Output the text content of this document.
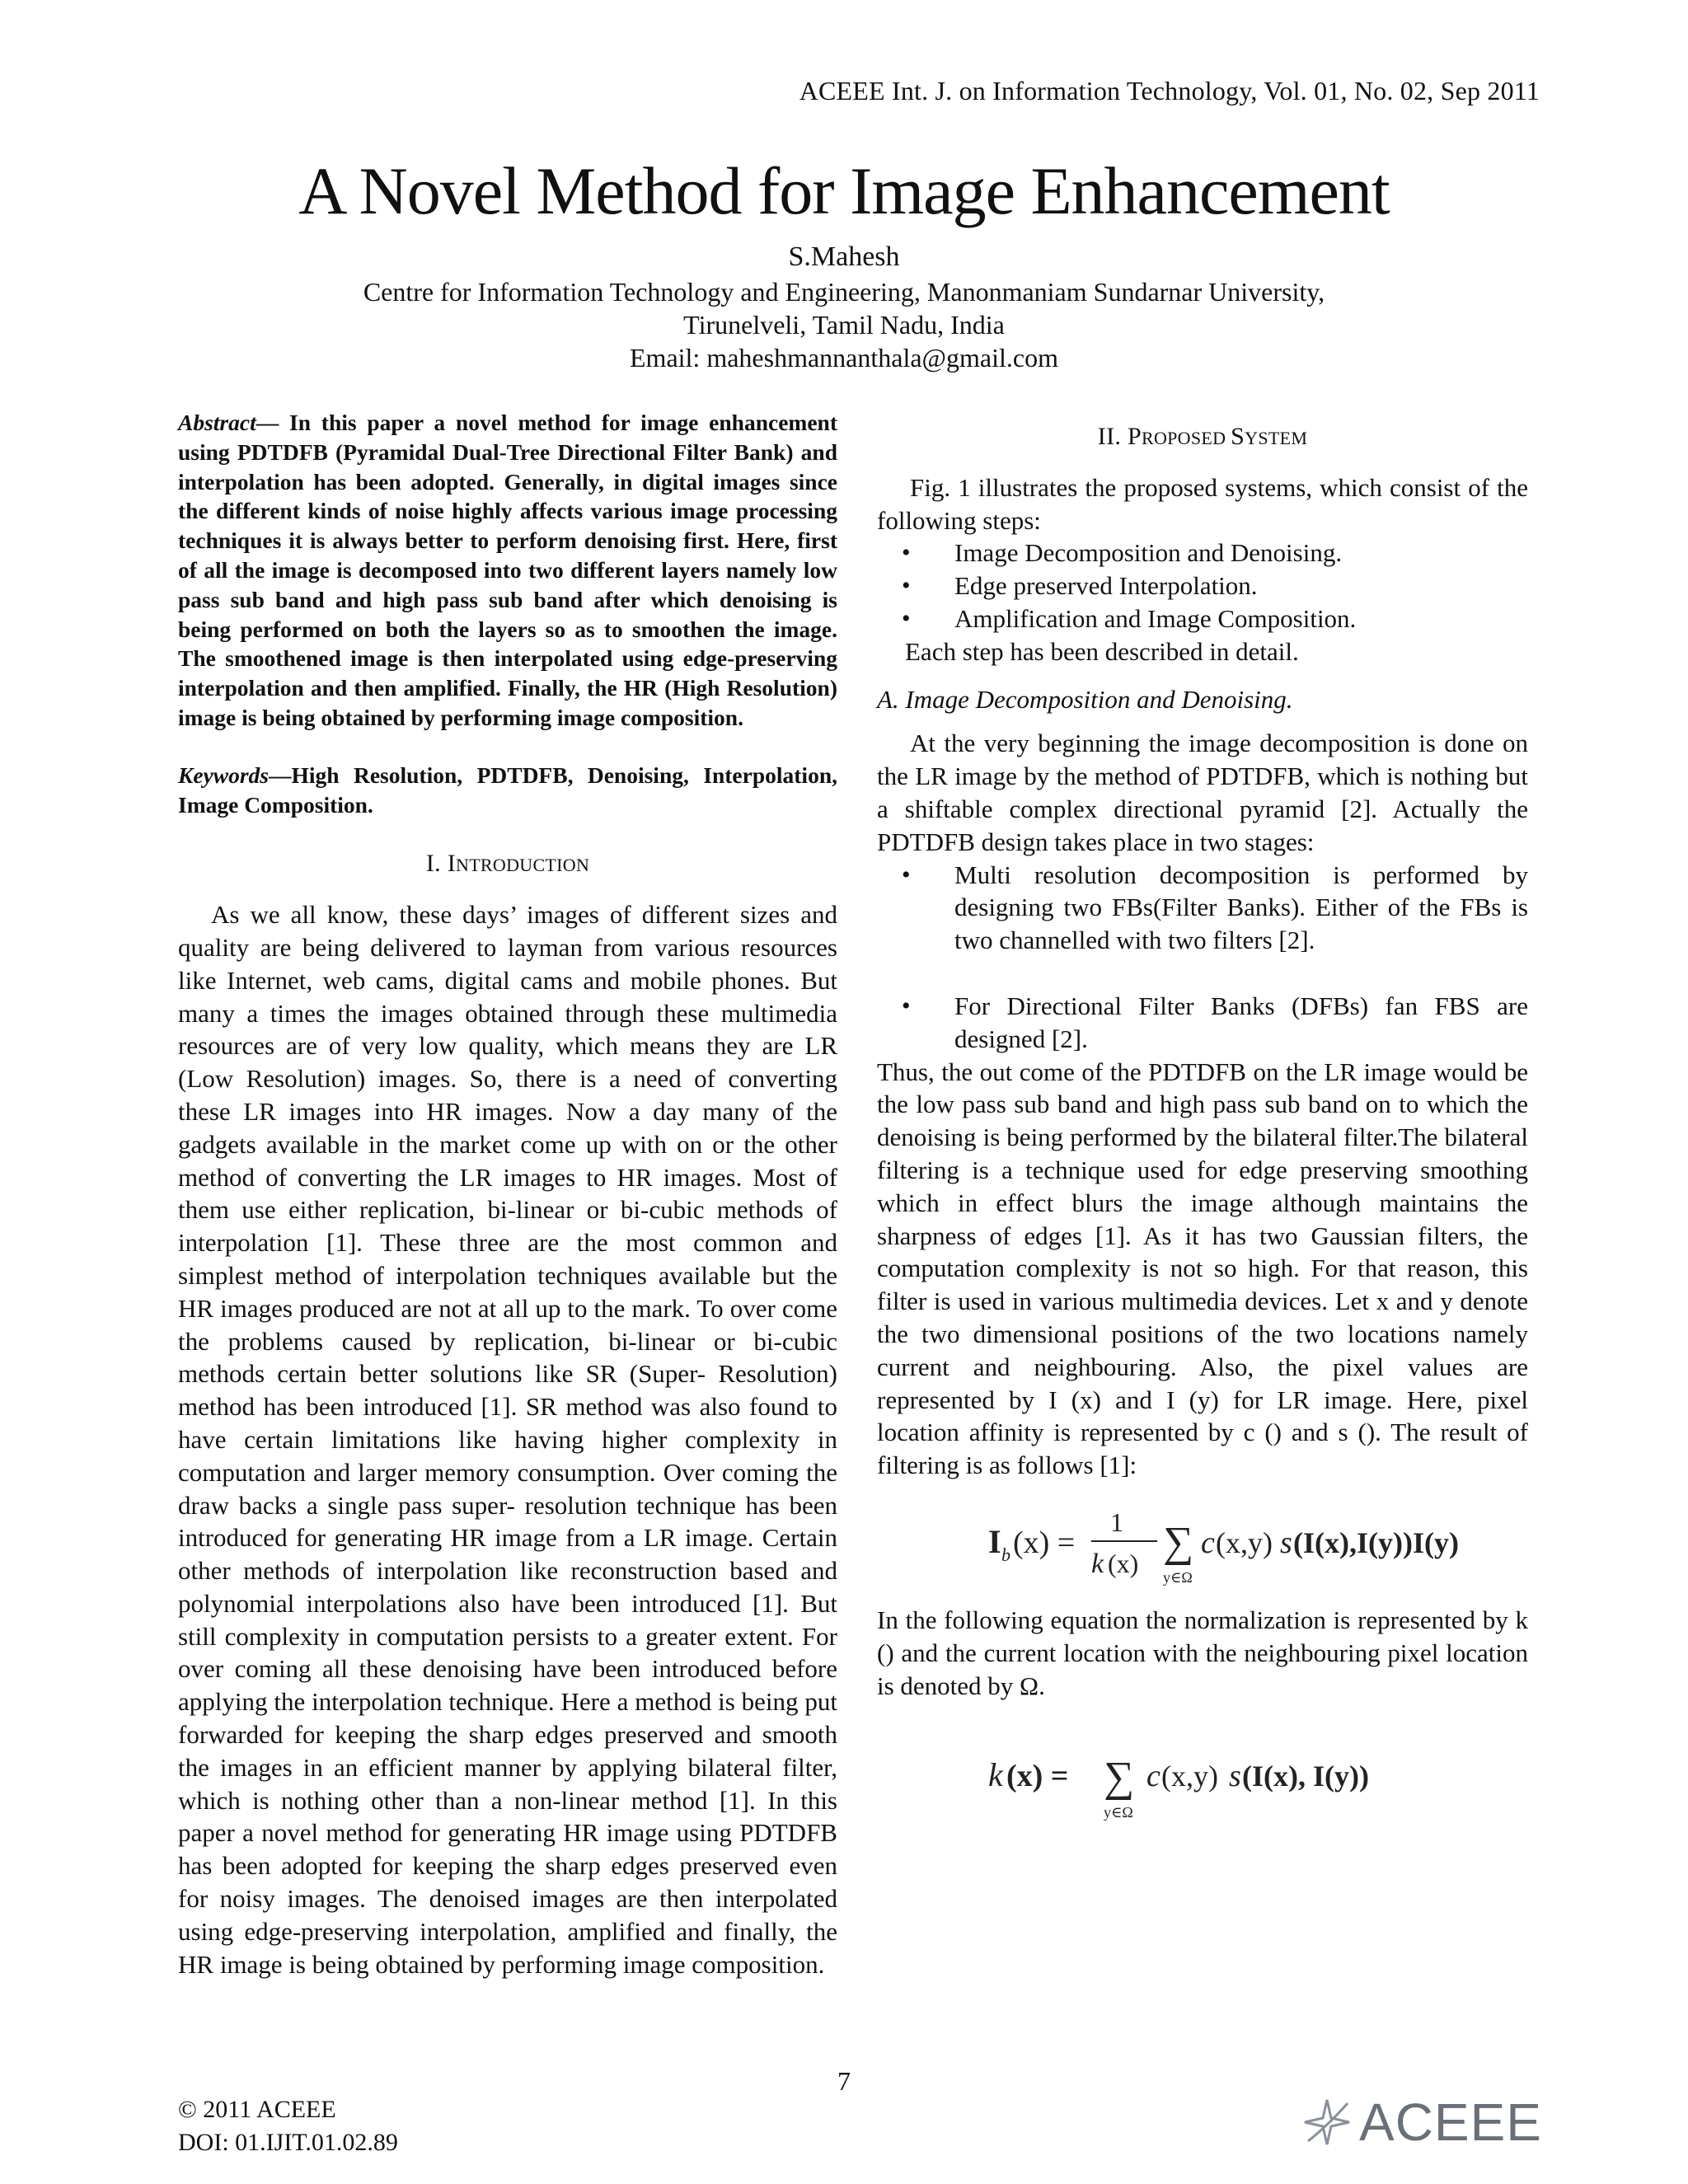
ACEEE Int. J. on Information Technology, Vol. 01, No. 02, Sep 2011
A Novel Method for Image Enhancement
S.Mahesh
Centre for Information Technology and Engineering, Manonmaniam Sundarnar University,
Tirunelveli, Tamil Nadu, India
Email: maheshmannanthala@gmail.com

Abstract— In this paper a novel method for image enhancement using PDTDFB (Pyramidal Dual-Tree Directional Filter Bank) and interpolation has been adopted. Generally, in digital images since the different kinds of noise highly affects various image processing techniques it is always better to perform denoising first. Here, first of all the image is decomposed into two different layers namely low pass sub band and high pass sub band after which denoising is being performed on both the layers so as to smoothen the image. The smoothened image is then interpolated using edge-preserving interpolation and then amplified. Finally, the HR (High Resolution) image is being obtained by performing image composition.

Keywords—High Resolution, PDTDFB, Denoising, Interpolation, Image Composition.

I. INTRODUCTION

As we all know, these days’ images of different sizes and quality are being delivered to layman from various resources like Internet, web cams, digital cams and mobile phones. But many a times the images obtained through these multimedia resources are of very low quality, which means they are LR (Low Resolution) images. So, there is a need of converting these LR images into HR images. Now a day many of the gadgets available in the market come up with on or the other method of converting the LR images to HR images. Most of them use either replication, bi-linear or bi-cubic methods of interpolation [1]. These three are the most common and simplest method of interpolation techniques available but the HR images produced are not at all up to the mark. To over come the problems caused by replication, bi-linear or bi-cubic methods certain better solutions like SR (Super- Resolution) method has been introduced [1]. SR method was also found to have certain limitations like having higher complexity in computation and larger memory consumption. Over coming the draw backs a single pass super- resolution technique has been introduced for generating HR image from a LR image. Certain other methods of interpolation like reconstruction based and polynomial interpolations also have been introduced [1]. But still complexity in computation persists to a greater extent. For over coming all these denoising have been introduced before applying the interpolation technique. Here a method is being put forwarded for keeping the sharp edges preserved and smooth the images in an efficient manner by applying bilateral filter, which is nothing other than a non-linear method [1]. In this paper a novel method for generating HR image using PDTDFB has been adopted for keeping the sharp edges preserved even for noisy images. The denoised images are then interpolated using edge-preserving interpolation, amplified and finally, the HR image is being obtained by performing image composition.

II. PROPOSED SYSTEM

Fig. 1 illustrates the proposed systems, which consist of the following steps:

• Image Decomposition and Denoising.
• Edge preserved Interpolation.
• Amplification and Image Composition.

Each step has been described in detail.

A. Image Decomposition and Denoising.

At the very beginning the image decomposition is done on the LR image by the method of PDTDFB, which is nothing but a shiftable complex directional pyramid [2]. Actually the PDTDFB design takes place in two stages:

• Multi resolution decomposition is performed by designing two FBs(Filter Banks). Either of the FBs is two channelled with two filters [2].
• For Directional Filter Banks (DFBs) fan FBS are designed [2].

Thus, the out come of the PDTDFB on the LR image would be the low pass sub band and high pass sub band on to which the denoising is being performed by the bilateral filter.The bilateral filtering is a technique used for edge preserving smoothing which in effect blurs the image although maintains the sharpness of edges [1]. As it has two Gaussian filters, the computation complexity is not so high. For that reason, this filter is used in various multimedia devices. Let x and y denote the two dimensional positions of the two locations namely current and neighbouring. Also, the pixel values are represented by I (x) and I (y) for LR image. Here, pixel location affinity is represented by c () and s (). The result of filtering is as follows [1]:

I b (x) =
1
k (x) ∑
y∈Ω
c (x,y) s (I(x),I(y))I(y)

In the following equation the normalization is represented by k () and the current location with the neighbouring pixel location is denoted by Ω.

k (x) = ∑
y∈Ω
c (x,y) s (I(x), I(y))
7
© 2011 ACEEE
DOI: 01.IJIT.01.02.89	ACEEE
